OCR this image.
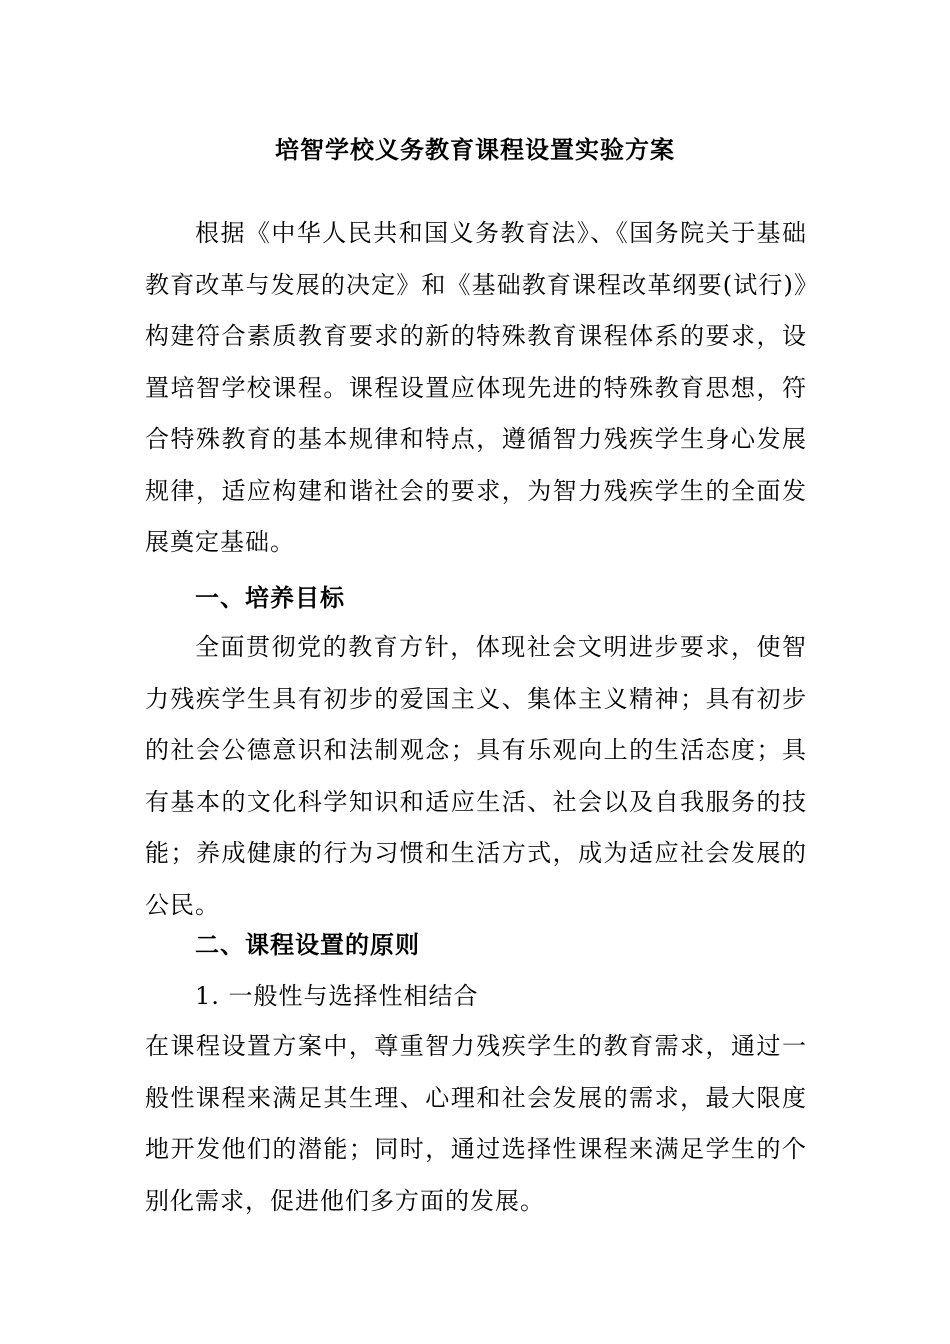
培智学校义务教育课程设置实验方案

根据《中华人民共和国义务教育法》、《国务院关于基础教育改革与发展的决定》和《基础教育课程改革纲要(试行)》构建符合素质教育要求的新的特殊教育课程体系的要求，设置培智学校课程。课程设置应体现先进的特殊教育思想，符合特殊教育的基本规律和特点，遵循智力残疾学生身心发展规律，适应构建和谐社会的要求，为智力残疾学生的全面发展奠定基础。

一、培养目标

全面贯彻党的教育方针，体现社会文明进步要求，使智力残疾学生具有初步的爱国主义、集体主义精神；具有初步的社会公德意识和法制观念；具有乐观向上的生活态度；具有基本的文化科学知识和适应生活、社会以及自我服务的技能；养成健康的行为习惯和生活方式，成为适应社会发展的公民。

二、课程设置的原则
1. 一般性与选择性相结合

在课程设置方案中，尊重智力残疾学生的教育需求，通过一般性课程来满足其生理、心理和社会发展的需求，最大限度地开发他们的潜能；同时，通过选择性课程来满足学生的个别化需求，促进他们多方面的发展。
